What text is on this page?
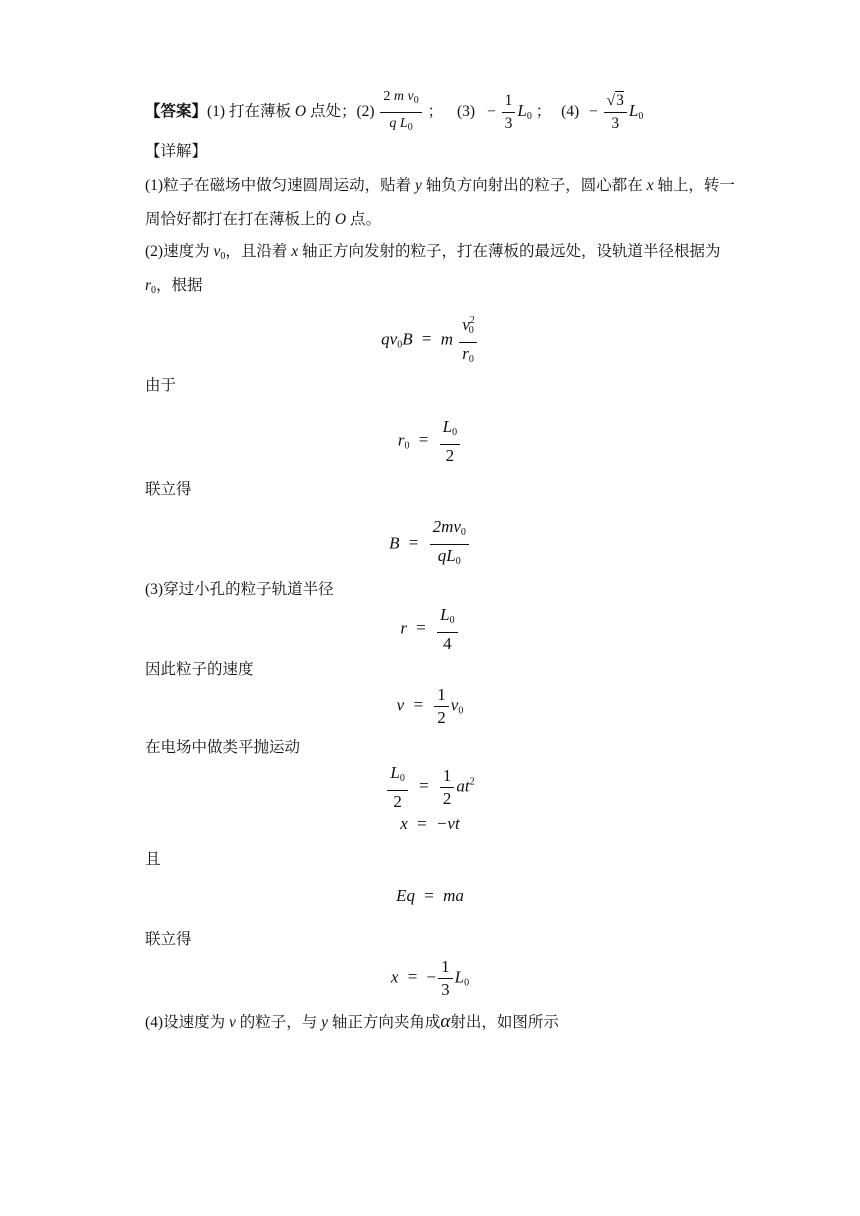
【答案】(1) 打在薄板 O 点处；$(2) \frac{2 m v_0}{q L_0}$ ； $(3) - \frac{1}{3} L_0$ ； $(4) - \frac{√3}{3} L_0$
【详解】
(1)粒子在磁场中做匀速圆周运动，贴着 y 轴负方向射出的粒子，圆心都在 x 轴上，转一
周恰好都打在打在薄板上的 O 点。
(2)速度为 $v_0$，且沿着 x 轴正方向发射的粒子，打在薄板的最远处，设轨道半径根据为
$r_0$，根据
$qv_0B = m \frac{v^2_0}{r_0}$
由于
$r_0 = \frac{L_0}{2}$
联立得
$B = \frac{2mv_0}{qL_0}$
(3)穿过小孔的粒子轨道半径
$r = \frac{L_0}{4}$
因此粒子的速度
$v = \frac{1}{2} v_0$
在电场中做类平抛运动
$\frac{L_0}{2} = \frac{1}{2} at^2$
x = −vt
且
Eq = ma
联立得
x = − $\frac{1}{3} L_0$
(4)设速度为 v 的粒子，与 y 轴正方向夹角成α射出，如图所示
